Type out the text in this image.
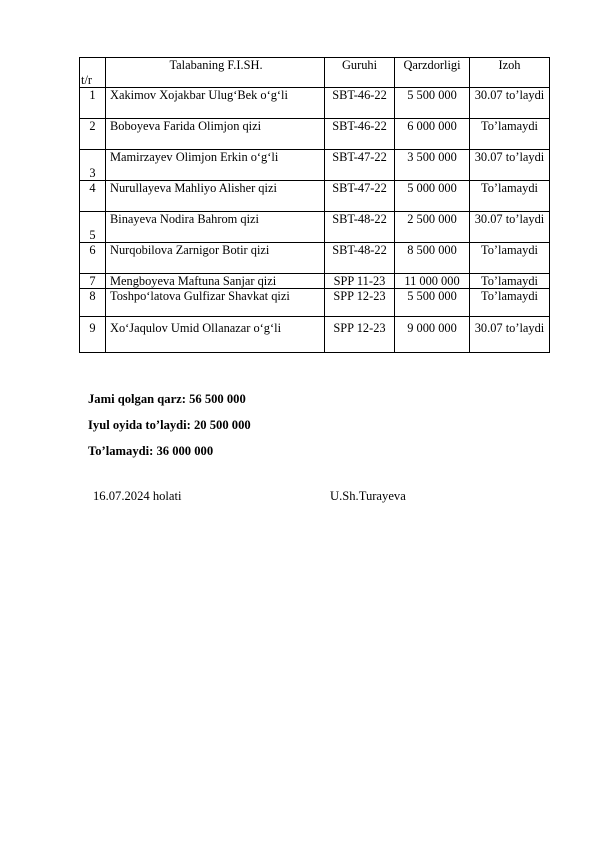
t/r	Talabaning F.I.SH.	Guruhi	Qarzdorligi	Izoh
1	Xakimov Xojakbar Ulug‘Bek o‘g‘li	SBT-46-22	5 500 000	30.07 to’laydi
2	Boboyeva Farida Olimjon qizi	SBT-46-22	6 000 000	To’lamaydi
3	Mamirzayev Olimjon Erkin o‘g‘li	SBT-47-22	3 500 000	30.07 to’laydi
4	Nurullayeva Mahliyo Alisher qizi	SBT-47-22	5 000 000	To’lamaydi
5	Binayeva Nodira Bahrom qizi	SBT-48-22	2 500 000	30.07 to’laydi
6	Nurqobilova Zarnigor Botir qizi	SBT-48-22	8 500 000	To’lamaydi
7	Mengboyeva Maftuna Sanjar qizi	SPP 11-23	11 000 000	To’lamaydi
8	Toshpo‘latova Gulfizar Shavkat qizi	SPP 12-23	5 500 000	To’lamaydi
9	Xo‘Jaqulov Umid Ollanazar o‘g‘li	SPP 12-23	9 000 000	30.07 to’laydi
Jami qolgan qarz: 56 500 000
Iyul oyida to’laydi: 20 500 000
To’lamaydi: 36 000 000
16.07.2024 holati	U.Sh.Turayeva
